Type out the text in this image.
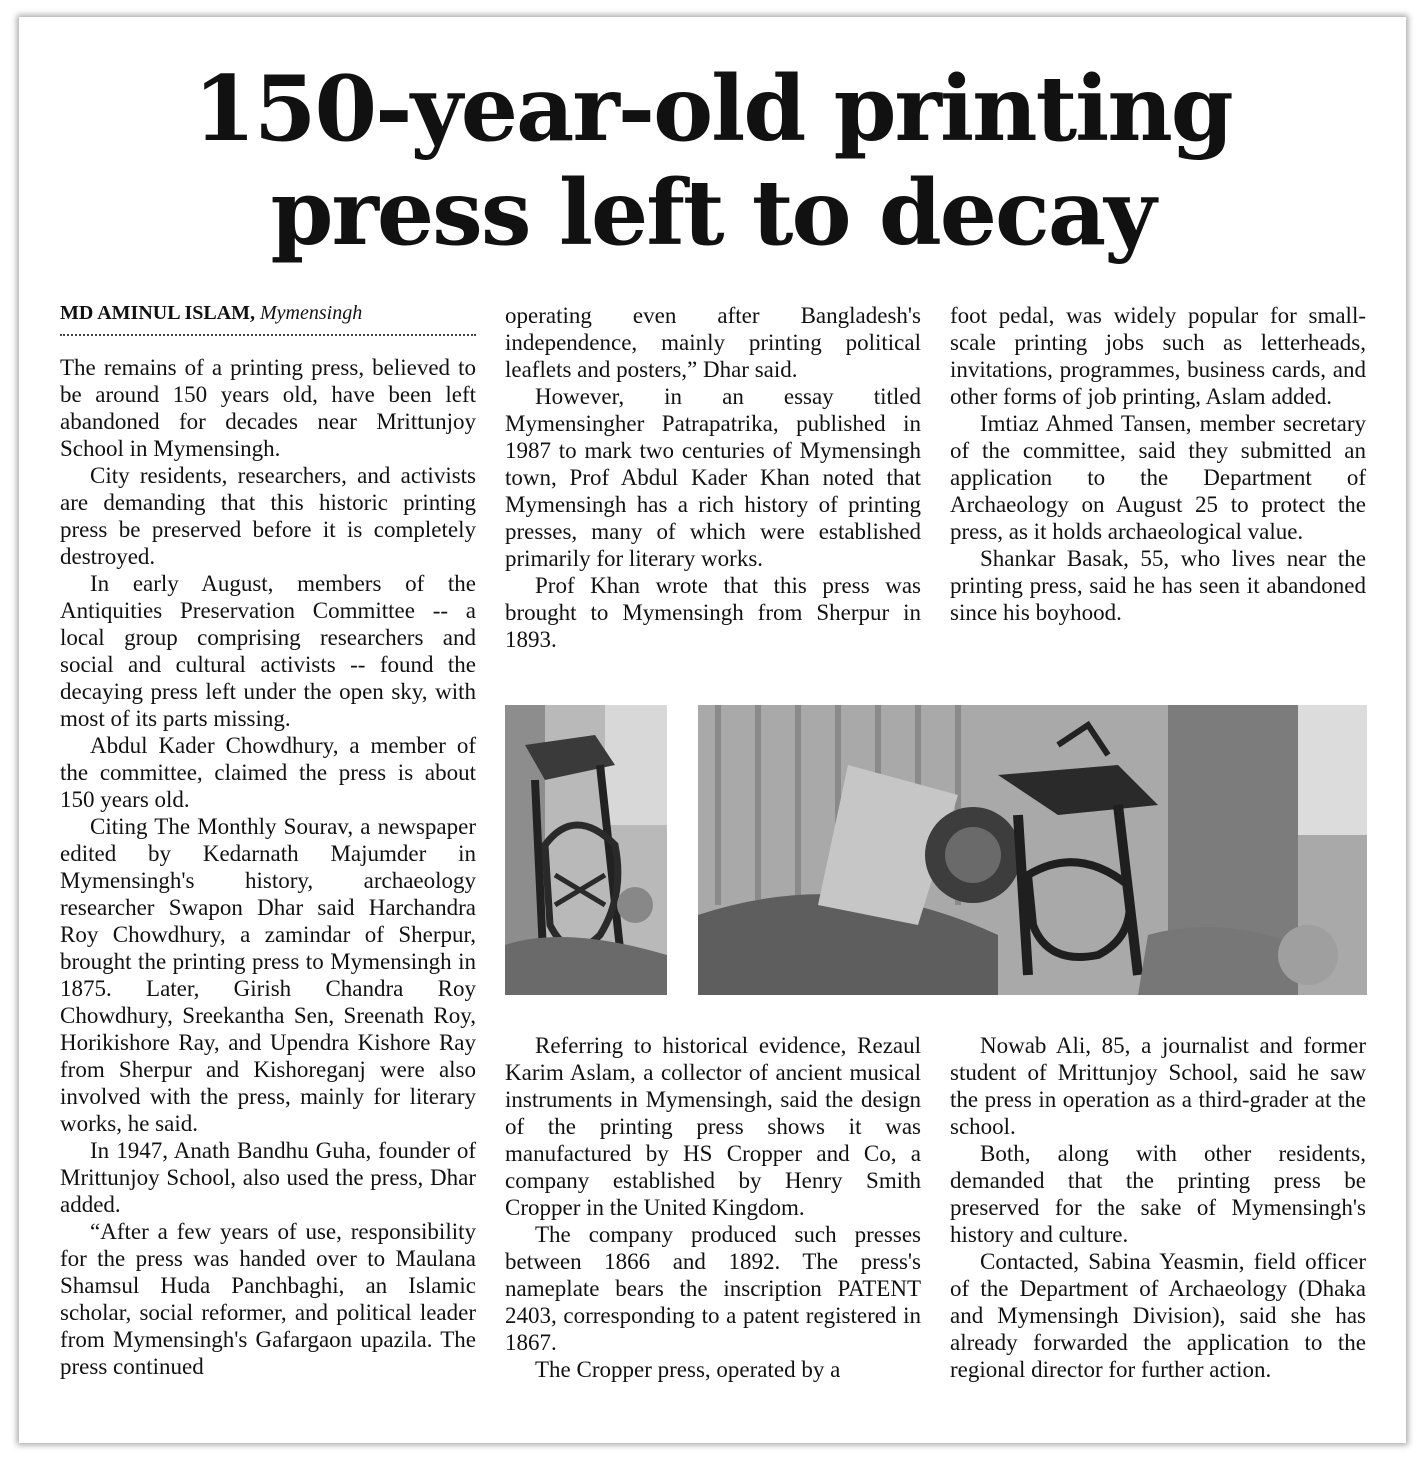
150-year-old printing
press left to decay
MD AMINUL ISLAM, Mymensingh

The remains of a printing press, believed to be around 150 years old, have been left abandoned for decades near Mrittunjoy School in Mymensingh.

City residents, researchers, and activists are demanding that this historic printing press be preserved before it is completely destroyed.

In early August, members of the Antiquities Preservation Committee -- a local group comprising researchers and social and cultural activists -- found the decaying press left under the open sky, with most of its parts missing.

Abdul Kader Chowdhury, a member of the committee, claimed the press is about 150 years old.

Citing The Monthly Sourav, a newspaper edited by Kedarnath Majumder in Mymensingh's history, archaeology researcher Swapon Dhar said Harchandra Roy Chowdhury, a zamindar of Sherpur, brought the printing press to Mymensingh in 1875. Later, Girish Chandra Roy Chowdhury, Sreekantha Sen, Sreenath Roy, Horikishore Ray, and Upendra Kishore Ray from Sherpur and Kishoreganj were also involved with the press, mainly for literary works, he said.

In 1947, Anath Bandhu Guha, founder of Mrittunjoy School, also used the press, Dhar added.

“After a few years of use, responsibility for the press was handed over to Maulana Shamsul Huda Panchbaghi, an Islamic scholar, social reformer, and political leader from Mymensingh's Gafargaon upazila. The press continued

operating even after Bangladesh's independence, mainly printing political leaflets and posters,” Dhar said.

However, in an essay titled Mymensingher Patrapatrika, published in 1987 to mark two centuries of Mymensingh town, Prof Abdul Kader Khan noted that Mymensingh has a rich history of printing presses, many of which were established primarily for literary works.

Prof Khan wrote that this press was brought to Mymensingh from Sherpur in 1893.

foot pedal, was widely popular for small-scale printing jobs such as letterheads, invitations, programmes, business cards, and other forms of job printing, Aslam added.

Imtiaz Ahmed Tansen, member secretary of the committee, said they submitted an application to the Department of Archaeology on August 25 to protect the press, as it holds archaeological value.

Shankar Basak, 55, who lives near the printing press, said he has seen it abandoned since his boyhood.

Referring to historical evidence, Rezaul Karim Aslam, a collector of ancient musical instruments in Mymensingh, said the design of the printing press shows it was manufactured by HS Cropper and Co, a company established by Henry Smith Cropper in the United Kingdom.

The company produced such presses between 1866 and 1892. The press's nameplate bears the inscription PATENT 2403, corresponding to a patent registered in 1867.

The Cropper press, operated by a

Nowab Ali, 85, a journalist and former student of Mrittunjoy School, said he saw the press in operation as a third-grader at the school.

Both, along with other residents, demanded that the printing press be preserved for the sake of Mymensingh's history and culture.

Contacted, Sabina Yeasmin, field officer of the Department of Archaeology (Dhaka and Mymensingh Division), said she has already forwarded the application to the regional director for further action.
